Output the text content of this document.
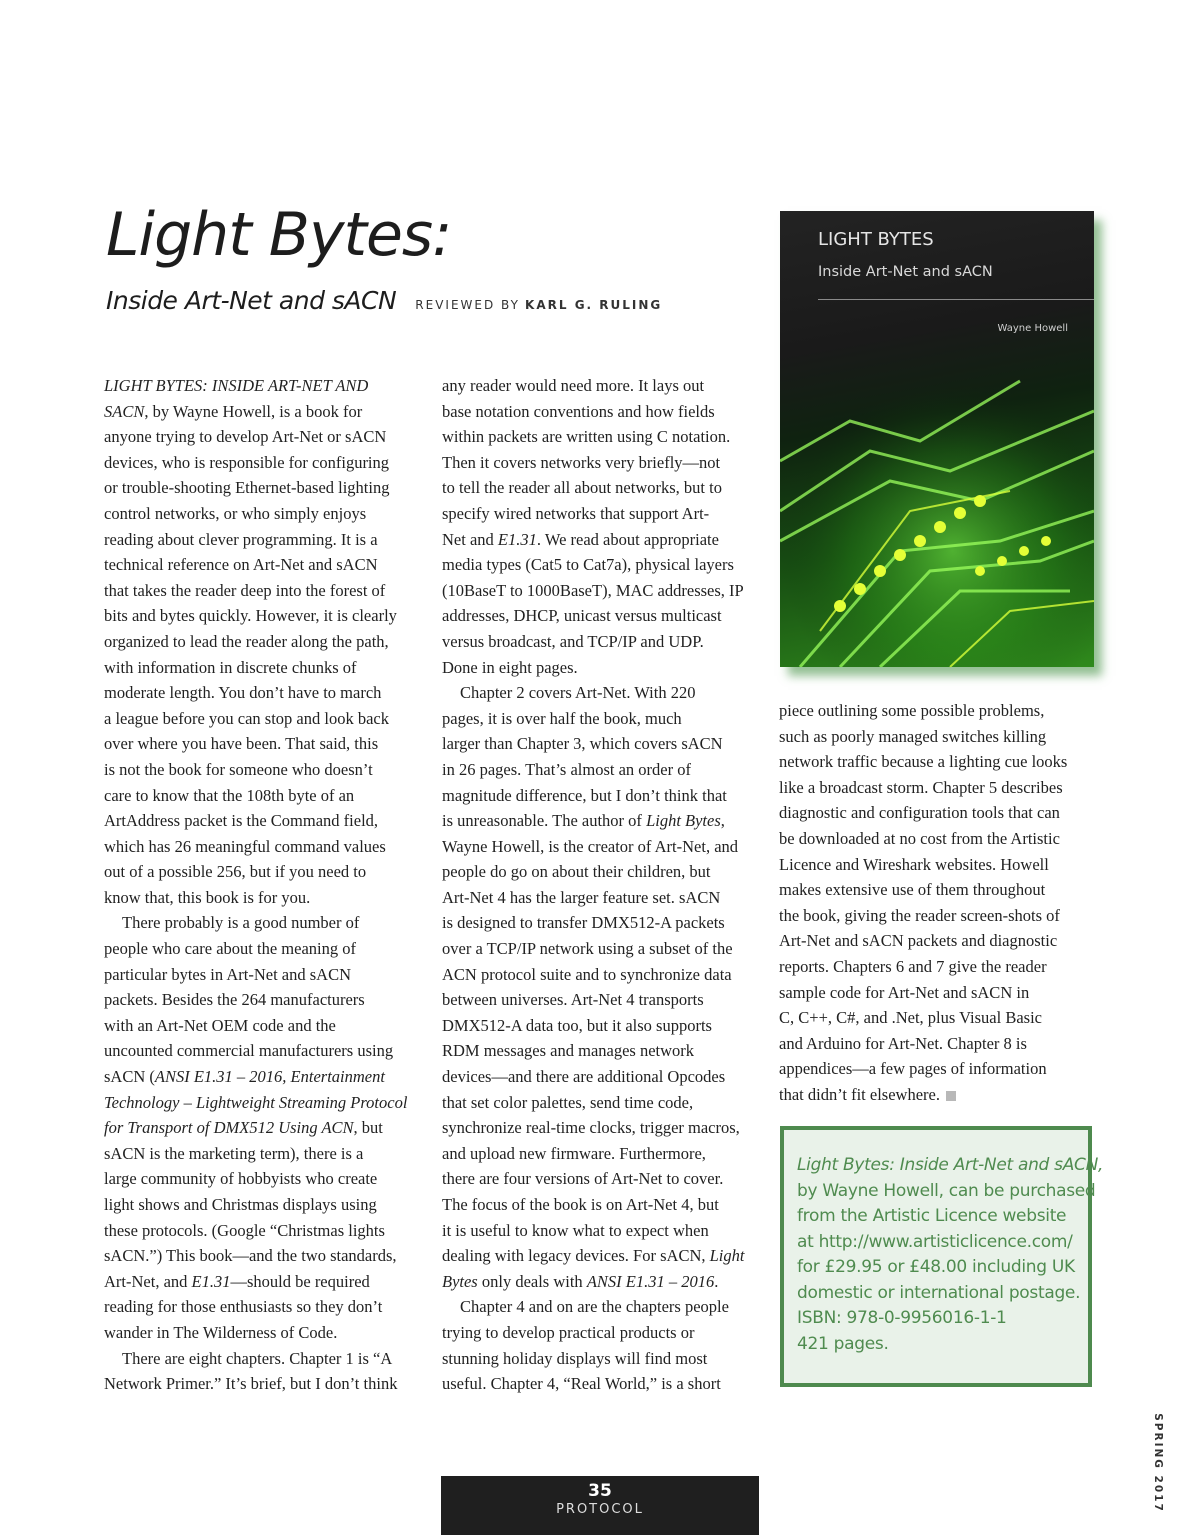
Light Bytes:
Inside Art-Net and sACN REVIEWED BY KARL G. RULING

LIGHT BYTES: INSIDE ART-NET AND
SACN, by Wayne Howell, is a book for
anyone trying to develop Art-Net or sACN
devices, who is responsible for configuring
or trouble-shooting Ethernet-based lighting
control networks, or who simply enjoys
reading about clever programming. It is a
technical reference on Art-Net and sACN
that takes the reader deep into the forest of
bits and bytes quickly. However, it is clearly
organized to lead the reader along the path,
with information in discrete chunks of
moderate length. You don’t have to march
a league before you can stop and look back
over where you have been. That said, this
is not the book for someone who doesn’t
care to know that the 108th byte of an
ArtAddress packet is the Command field,
which has 26 meaningful command values
out of a possible 256, but if you need to
know that, this book is for you.

There probably is a good number of
people who care about the meaning of
particular bytes in Art-Net and sACN
packets. Besides the 264 manufacturers
with an Art-Net OEM code and the
uncounted commercial manufacturers using
sACN (ANSI E1.31 – 2016, Entertainment
Technology – Lightweight Streaming Protocol
for Transport of DMX512 Using ACN, but
sACN is the marketing term), there is a
large community of hobbyists who create
light shows and Christmas displays using
these protocols. (Google “Christmas lights
sACN.”) This book—and the two standards,
Art-Net, and E1.31—should be required
reading for those enthusiasts so they don’t
wander in The Wilderness of Code.

There are eight chapters. Chapter 1 is “A
Network Primer.” It’s brief, but I don’t think

any reader would need more. It lays out
base notation conventions and how fields
within packets are written using C notation.
Then it covers networks very briefly—not
to tell the reader all about networks, but to
specify wired networks that support Art-
Net and E1.31. We read about appropriate
media types (Cat5 to Cat7a), physical layers
(10BaseT to 1000BaseT), MAC addresses, IP
addresses, DHCP, unicast versus multicast
versus broadcast, and TCP/IP and UDP.
Done in eight pages.

Chapter 2 covers Art-Net. With 220
pages, it is over half the book, much
larger than Chapter 3, which covers sACN
in 26 pages. That’s almost an order of
magnitude difference, but I don’t think that
is unreasonable. The author of Light Bytes,
Wayne Howell, is the creator of Art-Net, and
people do go on about their children, but
Art-Net 4 has the larger feature set. sACN
is designed to transfer DMX512-A packets
over a TCP/IP network using a subset of the
ACN protocol suite and to synchronize data
between universes. Art-Net 4 transports
DMX512-A data too, but it also supports
RDM messages and manages network
devices—and there are additional Opcodes
that set color palettes, send time code,
synchronize real-time clocks, trigger macros,
and upload new firmware. Furthermore,
there are four versions of Art-Net to cover.
The focus of the book is on Art-Net 4, but
it is useful to know what to expect when
dealing with legacy devices. For sACN, Light
Bytes only deals with ANSI E1.31 – 2016.

Chapter 4 and on are the chapters people
trying to develop practical products or
stunning holiday displays will find most
useful. Chapter 4, “Real World,” is a short

LIGHT BYTES
Inside Art-Net and sACN
Wayne Howell

piece outlining some possible problems,
such as poorly managed switches killing
network traffic because a lighting cue looks
like a broadcast storm. Chapter 5 describes
diagnostic and configuration tools that can
be downloaded at no cost from the Artistic
Licence and Wireshark websites. Howell
makes extensive use of them throughout
the book, giving the reader screen-shots of
Art-Net and sACN packets and diagnostic
reports. Chapters 6 and 7 give the reader
sample code for Art-Net and sACN in
C, C++, C#, and .Net, plus Visual Basic
and Arduino for Art-Net. Chapter 8 is
appendices—a few pages of information
that didn’t fit elsewhere.

Light Bytes: Inside Art-Net and sACN,
by Wayne Howell, can be purchased
from the Artistic Licence website
at http://www.artisticlicence.com/
for £29.95 or £48.00 including UK
domestic or international postage.
ISBN: 978-0-9956016-1-1
421 pages.
35
PROTOCOL	SPRING 2017
